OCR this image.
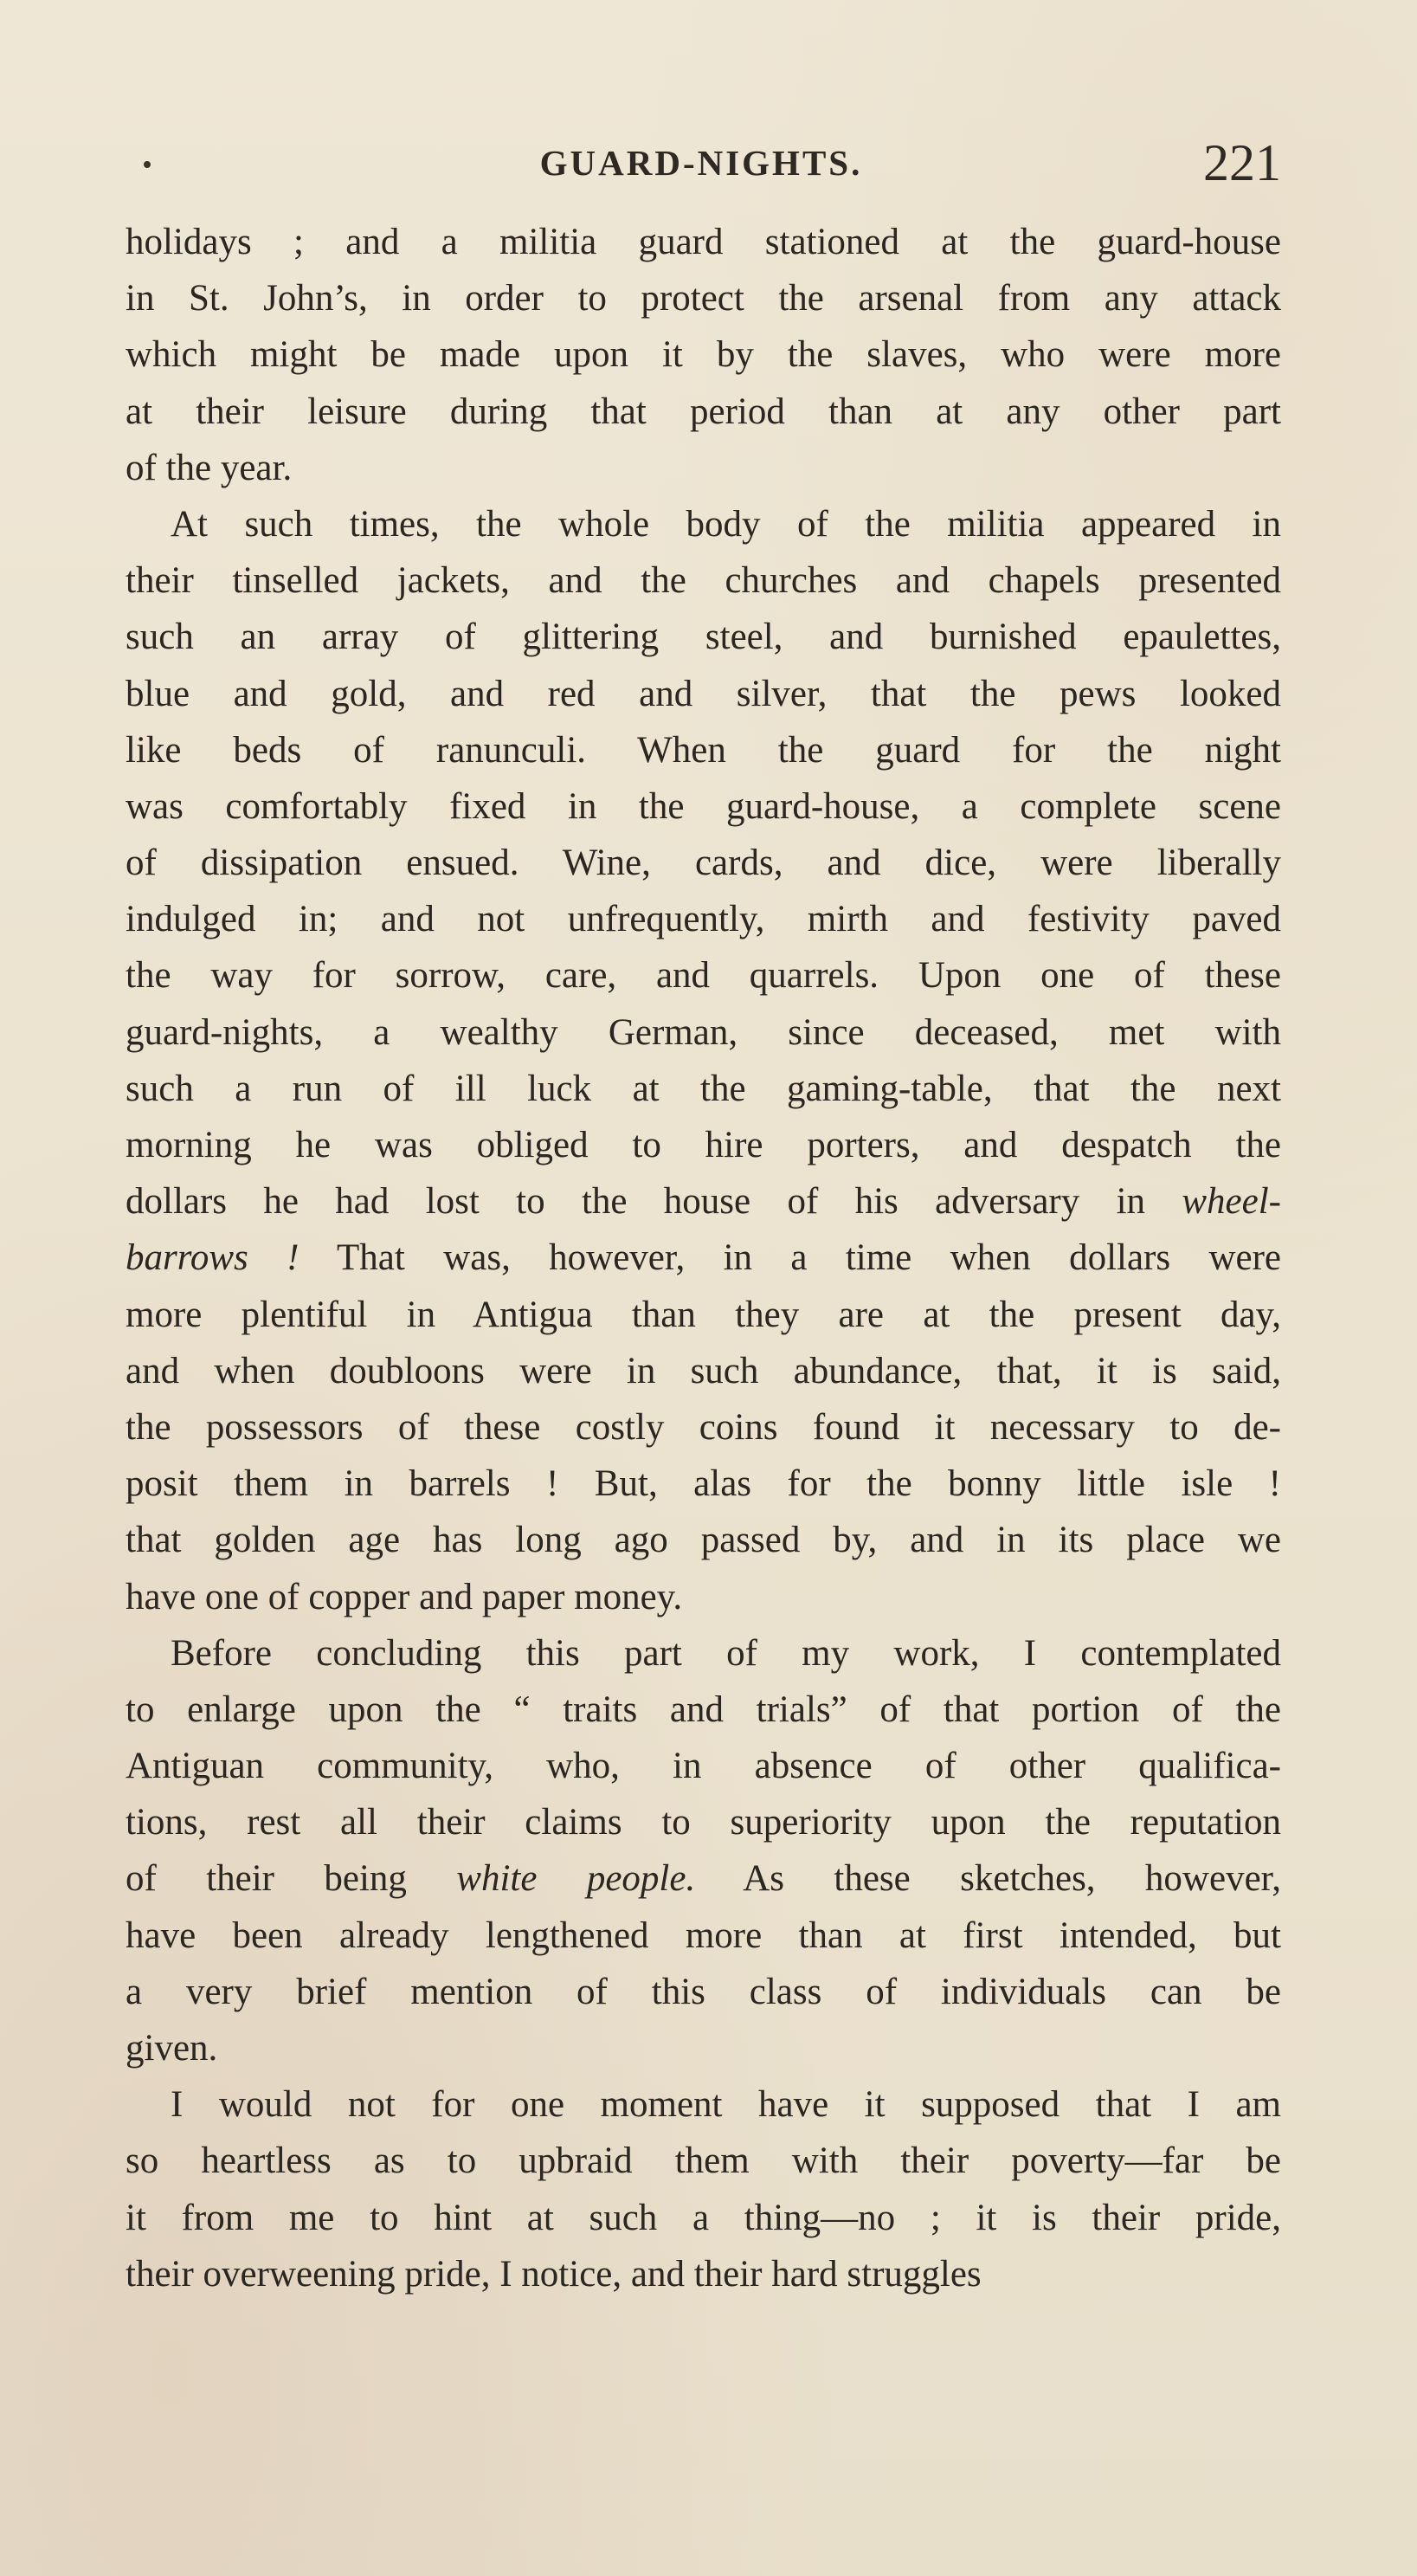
GUARD-NIGHTS.	221
holidays ; and a militia guard stationed at the guard-house
in St. John’s, in order to protect the arsenal from any attack
which might be made upon it by the slaves, who were more
at their leisure during that period than at any other part
of the year.
At such times, the whole body of the militia appeared in
their tinselled jackets, and the churches and chapels presented
such an array of glittering steel, and burnished epaulettes,
blue and gold, and red and silver, that the pews looked
like beds of ranunculi. When the guard for the night
was comfortably fixed in the guard-house, a complete scene
of dissipation ensued. Wine, cards, and dice, were liberally
indulged in; and not unfrequently, mirth and festivity paved
the way for sorrow, care, and quarrels. Upon one of these
guard-nights, a wealthy German, since deceased, met with
such a run of ill luck at the gaming-table, that the next
morning he was obliged to hire porters, and despatch the
dollars he had lost to the house of his adversary in wheel-
barrows ! That was, however, in a time when dollars were
more plentiful in Antigua than they are at the present day,
and when doubloons were in such abundance, that, it is said,
the possessors of these costly coins found it necessary to de-
posit them in barrels ! But, alas for the bonny little isle !
that golden age has long ago passed by, and in its place we
have one of copper and paper money.
Before concluding this part of my work, I contemplated
to enlarge upon the “ traits and trials” of that portion of the
Antiguan community, who, in absence of other qualifica-
tions, rest all their claims to superiority upon the reputation
of their being white people. As these sketches, however,
have been already lengthened more than at first intended, but
a very brief mention of this class of individuals can be
given.
I would not for one moment have it supposed that I am
so heartless as to upbraid them with their poverty—far be
it from me to hint at such a thing—no ; it is their pride,
their overweening pride, I notice, and their hard struggles
